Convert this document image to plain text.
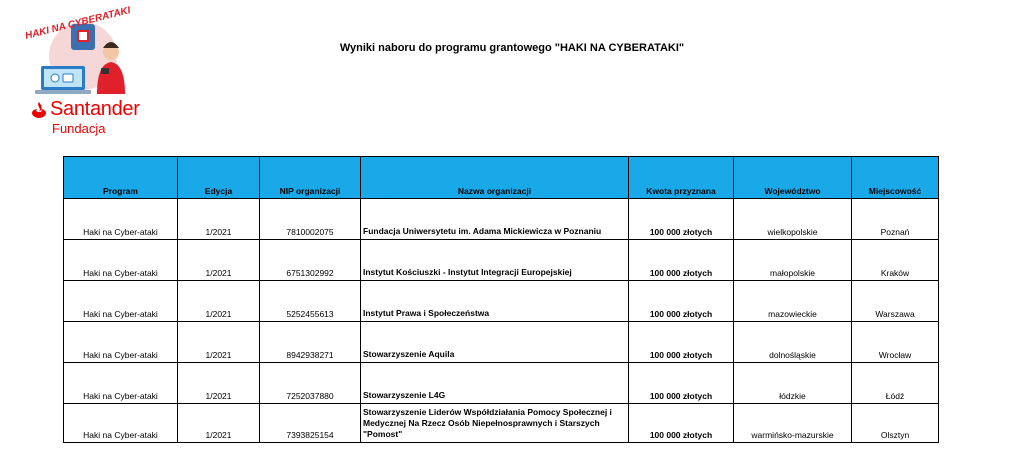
HAKI NA CYBERATAKI
Santander
Fundacja
Wyniki naboru do programu grantowego "HAKI NA CYBERATAKI"
Program	Edycja	NIP organizacji	Nazwa organizacji	Kwota przyznana	Województwo	Miejscowość
Haki na Cyber-ataki	1/2021	7810002075	Fundacja Uniwersytetu im. Adama Mickiewicza w Poznaniu	100 000 złotych	wielkopolskie	Poznań
Haki na Cyber-ataki	1/2021	6751302992	Instytut Kościuszki - Instytut Integracji Europejskiej	100 000 złotych	małopolskie	Kraków
Haki na Cyber-ataki	1/2021	5252455613	Instytut Prawa i Społeczeństwa	100 000 złotych	mazowieckie	Warszawa
Haki na Cyber-ataki	1/2021	8942938271	Stowarzyszenie Aquila	100 000 złotych	dolnośląskie	Wrocław
Haki na Cyber-ataki	1/2021	7252037880	Stowarzyszenie L4G	100 000 złotych	łódzkie	Łódź
Haki na Cyber-ataki	1/2021	7393825154	Stowarzyszenie Liderów Współdziałania Pomocy Społecznej i Medycznej Na Rzecz Osób Niepełnosprawnych i Starszych "Pomost"	100 000 złotych	warmińsko-mazurskie	Olsztyn
